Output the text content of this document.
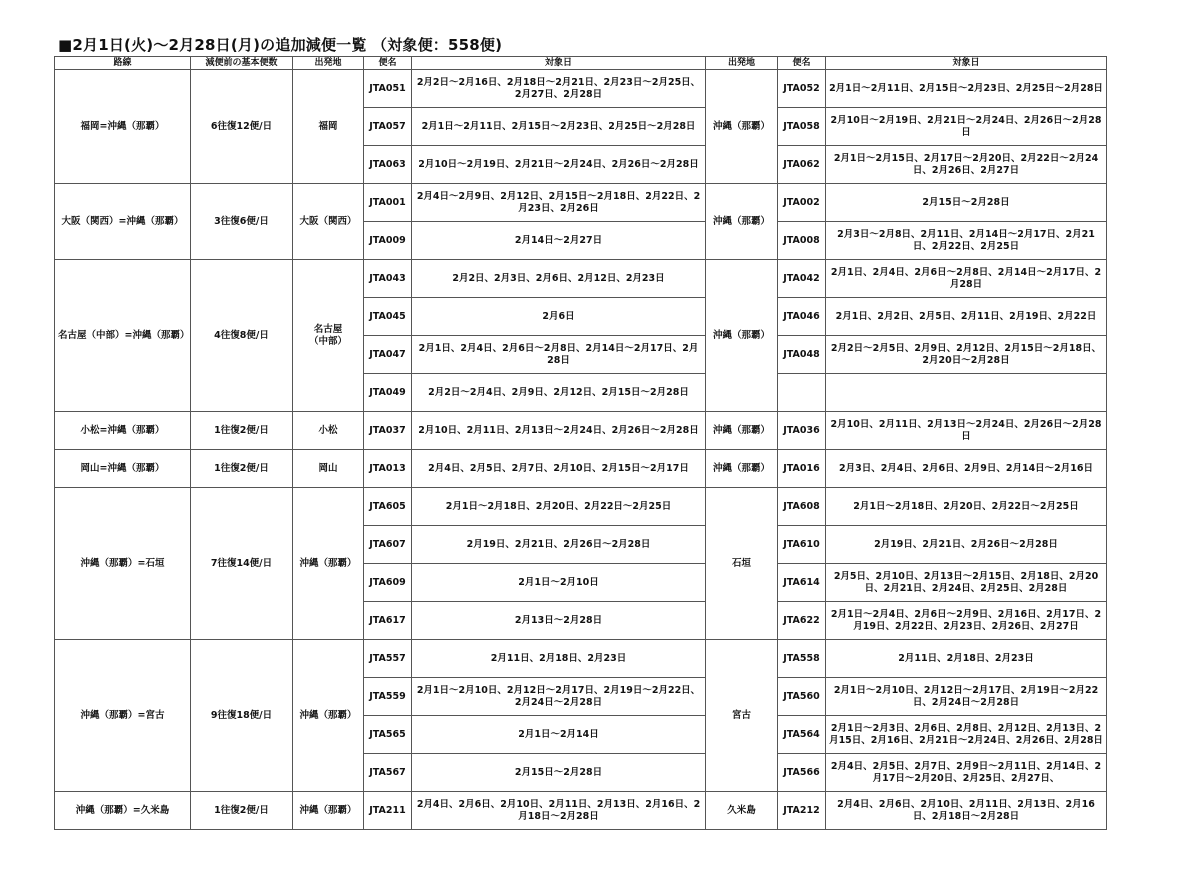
■2月1日(火)～2月28日(月)の追加減便一覧 （対象便：558便)
路線	減便前の基本便数	出発地	便名	対象日	出発地	便名	対象日
福岡=沖縄（那覇）	6往復12便/日	福岡	JTA051	2月2日～2月16日、2月18日～2月21日、2月23日～2月25日、2月27日、2月28日	沖縄（那覇）	JTA052	2月1日～2月11日、2月15日～2月23日、2月25日～2月28日
			JTA057	2月1日～2月11日、2月15日～2月23日、2月25日～2月28日		JTA058	2月10日～2月19日、2月21日～2月24日、2月26日～2月28日
			JTA063	2月10日～2月19日、2月21日～2月24日、2月26日～2月28日		JTA062	2月1日～2月15日、2月17日～2月20日、2月22日～2月24日、2月26日、2月27日
大阪（関西）=沖縄（那覇）	3往復6便/日	大阪（関西）	JTA001	2月4日～2月9日、2月12日、2月15日～2月18日、2月22日、2月23日、2月26日	沖縄（那覇）	JTA002	2月15日～2月28日
			JTA009	2月14日～2月27日		JTA008	2月3日～2月8日、2月11日、2月14日～2月17日、2月21日、2月22日、2月25日
名古屋（中部）=沖縄（那覇）	4往復8便/日	名古屋
（中部）	JTA043	2月2日、2月3日、2月6日、2月12日、2月23日	沖縄（那覇）	JTA042	2月1日、2月4日、2月6日～2月8日、2月14日～2月17日、2月28日
			JTA045	2月6日		JTA046	2月1日、2月2日、2月5日、2月11日、2月19日、2月22日
			JTA047	2月1日、2月4日、2月6日～2月8日、2月14日～2月17日、2月28日		JTA048	2月2日～2月5日、2月9日、2月12日、2月15日～2月18日、2月20日～2月28日
			JTA049	2月2日～2月4日、2月9日、2月12日、2月15日～2月28日			
小松=沖縄（那覇）	1往復2便/日	小松	JTA037	2月10日、2月11日、2月13日～2月24日、2月26日～2月28日	沖縄（那覇）	JTA036	2月10日、2月11日、2月13日～2月24日、2月26日～2月28日
岡山=沖縄（那覇）	1往復2便/日	岡山	JTA013	2月4日、2月5日、2月7日、2月10日、2月15日～2月17日	沖縄（那覇）	JTA016	2月3日、2月4日、2月6日、2月9日、2月14日～2月16日
沖縄（那覇）=石垣	7往復14便/日	沖縄（那覇）	JTA605	2月1日～2月18日、2月20日、2月22日～2月25日	石垣	JTA608	2月1日～2月18日、2月20日、2月22日～2月25日
			JTA607	2月19日、2月21日、2月26日～2月28日		JTA610	2月19日、2月21日、2月26日～2月28日
			JTA609	2月1日～2月10日		JTA614	2月5日、2月10日、2月13日～2月15日、2月18日、2月20日、2月21日、2月24日、2月25日、2月28日
			JTA617	2月13日～2月28日		JTA622	2月1日～2月4日、2月6日～2月9日、2月16日、2月17日、2月19日、2月22日、2月23日、2月26日、2月27日
沖縄（那覇）=宮古	9往復18便/日	沖縄（那覇）	JTA557	2月11日、2月18日、2月23日	宮古	JTA558	2月11日、2月18日、2月23日
			JTA559	2月1日～2月10日、2月12日～2月17日、2月19日～2月22日、2月24日～2月28日		JTA560	2月1日～2月10日、2月12日～2月17日、2月19日～2月22日、2月24日～2月28日
			JTA565	2月1日～2月14日		JTA564	2月1日～2月3日、2月6日、2月8日、2月12日、2月13日、2月15日、2月16日、2月21日～2月24日、2月26日、2月28日
			JTA567	2月15日～2月28日		JTA566	2月4日、2月5日、2月7日、2月9日～2月11日、2月14日、2月17日～2月20日、2月25日、2月27日、
沖縄（那覇）=久米島	1往復2便/日	沖縄（那覇）	JTA211	2月4日、2月6日、2月10日、2月11日、2月13日、2月16日、2月18日～2月28日	久米島	JTA212	2月4日、2月6日、2月10日、2月11日、2月13日、2月16日、2月18日～2月28日
